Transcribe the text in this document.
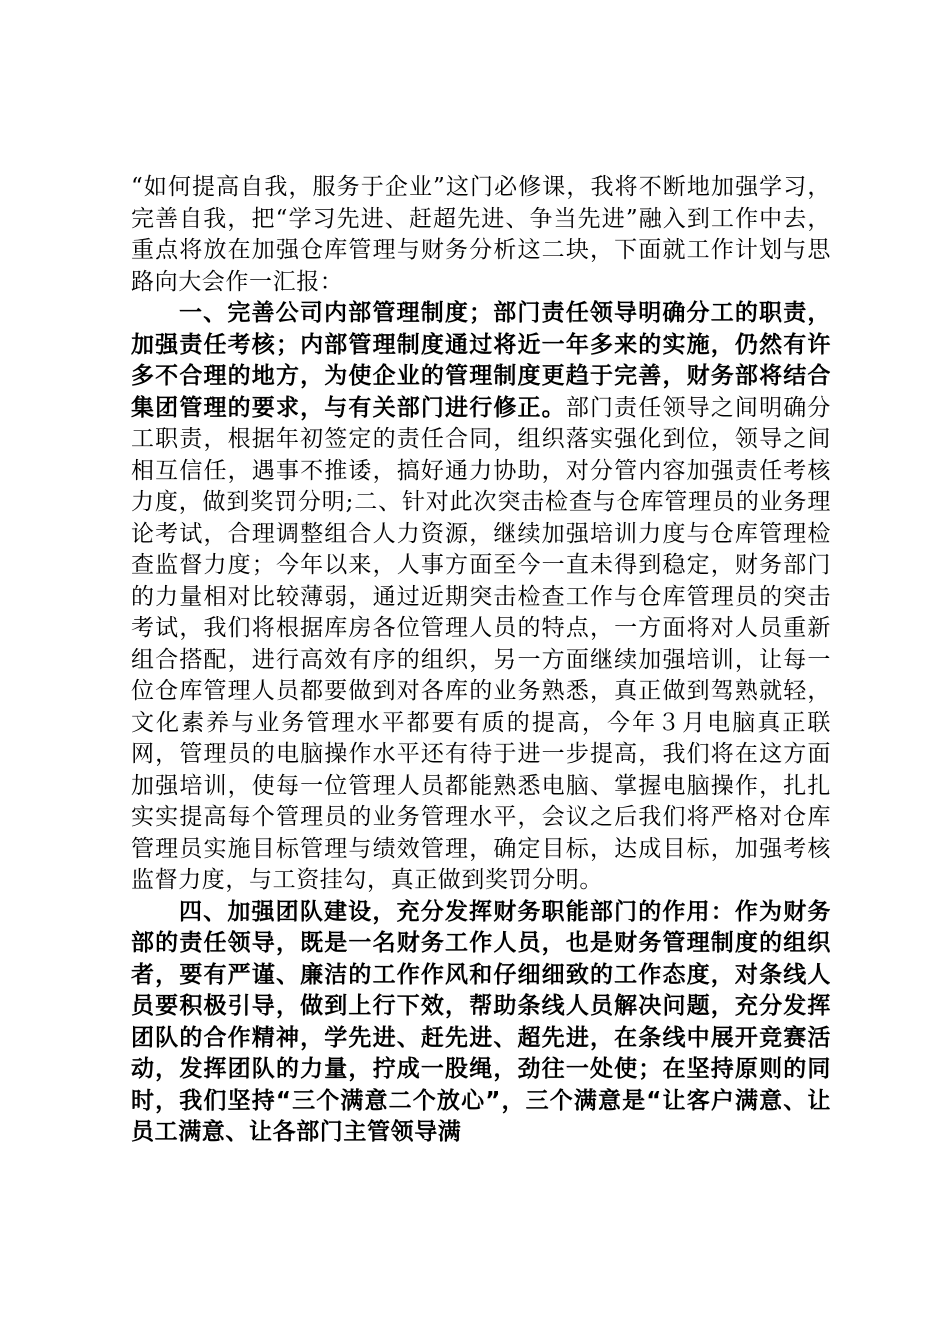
“如何提高自我，服务于企业”这门必修课，我将不断地加强学习，完善自我，把“学习先进、赶超先进、争当先进”融入到工作中去，重点将放在加强仓库管理与财务分析这二块，下面就工作计划与思路向大会作一汇报：

一、完善公司内部管理制度；部门责任领导明确分工的职责，加强责任考核；内部管理制度通过将近一年多来的实施，仍然有许多不合理的地方，为使企业的管理制度更趋于完善，财务部将结合集团管理的要求，与有关部门进行修正。部门责任领导之间明确分工职责，根据年初签定的责任合同，组织落实强化到位，领导之间相互信任，遇事不推诿，搞好通力协助，对分管内容加强责任考核力度，做到奖罚分明;二、针对此次突击检查与仓库管理员的业务理论考试，合理调整组合人力资源，继续加强培训力度与仓库管理检查监督力度；今年以来，人事方面至今一直未得到稳定，财务部门的力量相对比较薄弱，通过近期突击检查工作与仓库管理员的突击考试，我们将根据库房各位管理人员的特点，一方面将对人员重新组合搭配，进行高效有序的组织，另一方面继续加强培训，让每一位仓库管理人员都要做到对各库的业务熟悉，真正做到驾熟就轻，文化素养与业务管理水平都要有质的提高，今年３月电脑真正联网，管理员的电脑操作水平还有待于进一步提高，我们将在这方面加强培训，使每一位管理人员都能熟悉电脑、掌握电脑操作，扎扎实实提高每个管理员的业务管理水平，会议之后我们将严格对仓库管理员实施目标管理与绩效管理，确定目标，达成目标，加强考核监督力度，与工资挂勾，真正做到奖罚分明。

四、加强团队建设，充分发挥财务职能部门的作用：作为财务部的责任领导，既是一名财务工作人员，也是财务管理制度的组织者，要有严谨、廉洁的工作作风和仔细细致的工作态度，对条线人员要积极引导，做到上行下效，帮助条线人员解决问题，充分发挥团队的合作精神，学先进、赶先进、超先进，在条线中展开竞赛活动，发挥团队的力量，拧成一股绳，劲往一处使；在坚持原则的同时，我们坚持“三个满意二个放心”，三个满意是“让客户满意、让员工满意、让各部门主管领导满
